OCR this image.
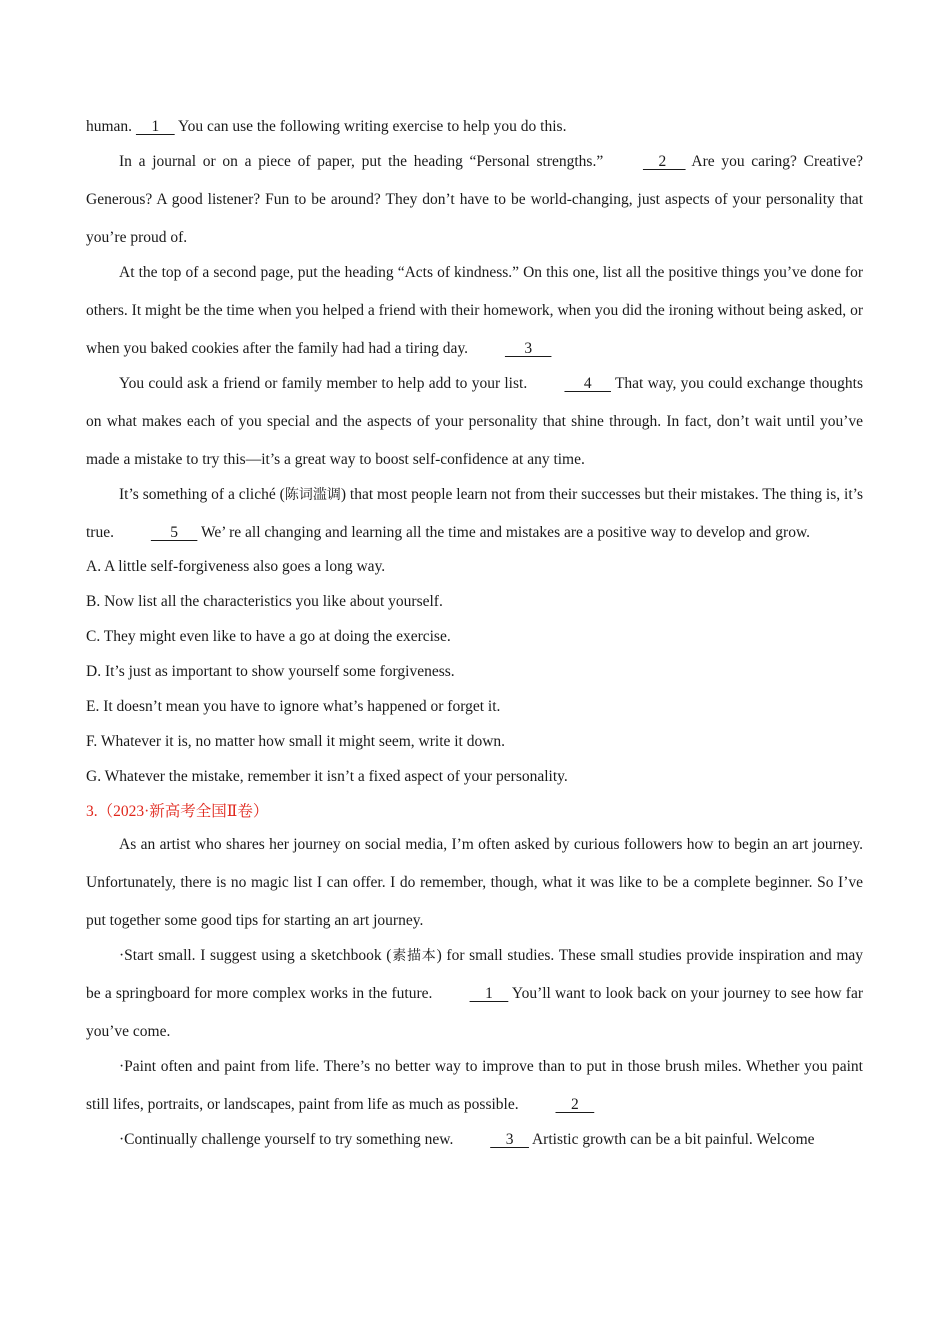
human.     1     You can use the following writing exercise to help you do this.

In a journal or on a piece of paper, put the heading “Personal strengths.”     2      Are you caring? Creative? Generous? A good listener? Fun to be around? They don’t have to be world-changing, just aspects of your personality that you’re proud of.

At the top of a second page, put the heading “Acts of kindness.” On this one, list all the positive things you’ve done for others. It might be the time when you helped a friend with their homework, when you did the ironing without being asked, or when you baked cookies after the family had had a tiring day.      3

You could ask a friend or family member to help add to your list.      4      That way, you could exchange thoughts on what makes each of you special and the aspects of your personality that shine through. In fact, don’t wait until you’ve made a mistake to try this—it’s a great way to boost self-confidence at any time.

It’s something of a cliché (陈词滥调) that most people learn not from their successes but their mistakes. The thing is, it’s true.      5      We’ re all changing and learning all the time and mistakes are a positive way to develop and grow.

A. A little self-forgiveness also goes a long way.

B. Now list all the characteristics you like about yourself.

C. They might even like to have a go at doing the exercise.

D. It’s just as important to show yourself some forgiveness.

E. It doesn’t mean you have to ignore what’s happened or forget it.

F. Whatever it is, no matter how small it might seem, write it down.

G. Whatever the mistake, remember it isn’t a fixed aspect of your personality.

3.（2023·新高考全国Ⅱ卷）

As an artist who shares her journey on social media, I’m often asked by curious followers how to begin an art journey. Unfortunately, there is no magic list I can offer. I do remember, though, what it was like to be a complete beginner. So I’ve put together some good tips for starting an art journey.

·Start small. I suggest using a sketchbook (素描本) for small studies. These small studies provide inspiration and may be a springboard for more complex works in the future.     1     You’ll want to look back on your journey to see how far you’ve come.

·Paint often and paint from life. There’s no better way to improve than to put in those brush miles. Whether you paint still lifes, portraits, or landscapes, paint from life as much as possible.     2

·Continually challenge yourself to try something new.     3     Artistic growth can be a bit painful. Welcome
